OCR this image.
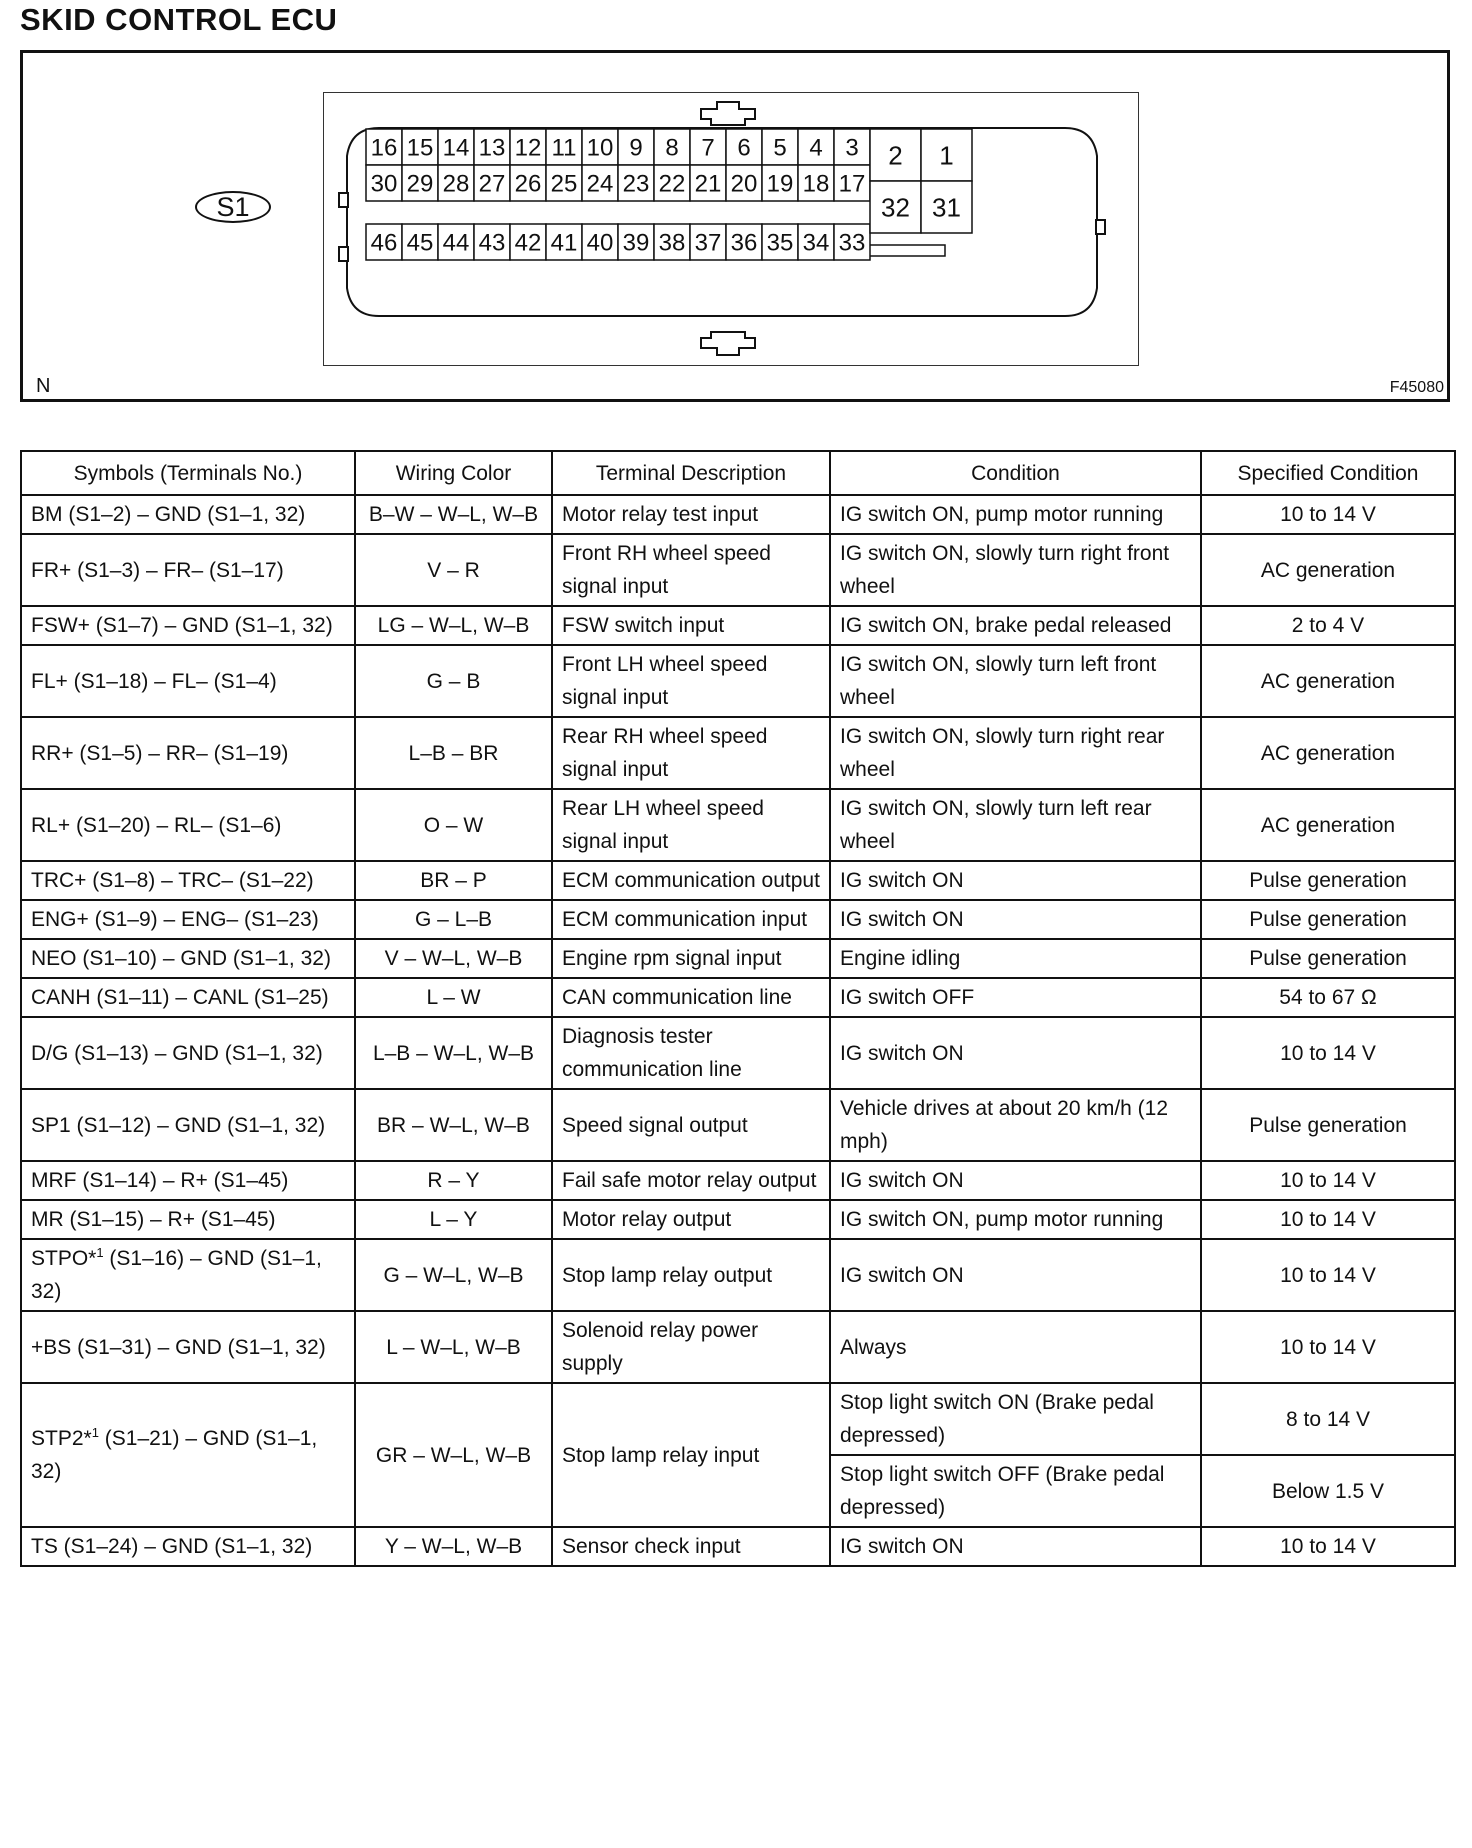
SKID CONTROL ECU
16 15 14 13 12 11 10 9 8 7 6 5 4 3
30 29 28 27 26 25 24 23 22 21 20 19 18 17
46 45 44 43 42 41 40 39 38 37 36 35 34 33
2 1
32 31
S1
N	F45080
Symbols (Terminals No.)	Wiring Color	Terminal Description	Condition	Specified Condition
BM (S1–2) – GND (S1–1, 32)	B–W – W–L, W–B	Motor relay test input	IG switch ON, pump motor running	10 to 14 V
FR+ (S1–3) – FR– (S1–17)	V – R	Front RH wheel speed signal input	IG switch ON, slowly turn right front wheel	AC generation
FSW+ (S1–7) – GND (S1–1, 32)	LG – W–L, W–B	FSW switch input	IG switch ON, brake pedal released	2 to 4 V
FL+ (S1–18) – FL– (S1–4)	G – B	Front LH wheel speed signal input	IG switch ON, slowly turn left front wheel	AC generation
RR+ (S1–5) – RR– (S1–19)	L–B – BR	Rear RH wheel speed signal input	IG switch ON, slowly turn right rear wheel	AC generation
RL+ (S1–20) – RL– (S1–6)	O – W	Rear LH wheel speed signal input	IG switch ON, slowly turn left rear wheel	AC generation
TRC+ (S1–8) – TRC– (S1–22)	BR – P	ECM communication output	IG switch ON	Pulse generation
ENG+ (S1–9) – ENG– (S1–23)	G – L–B	ECM communication input	IG switch ON	Pulse generation
NEO (S1–10) – GND (S1–1, 32)	V – W–L, W–B	Engine rpm signal input	Engine idling	Pulse generation
CANH (S1–11) – CANL (S1–25)	L – W	CAN communication line	IG switch OFF	54 to 67 Ω
D/G (S1–13) – GND (S1–1, 32)	L–B – W–L, W–B	Diagnosis tester communication line	IG switch ON	10 to 14 V
SP1 (S1–12) – GND (S1–1, 32)	BR – W–L, W–B	Speed signal output	Vehicle drives at about 20 km/h (12 mph)	Pulse generation
MRF (S1–14) – R+ (S1–45)	R – Y	Fail safe motor relay output	IG switch ON	10 to 14 V
MR (S1–15) – R+ (S1–45)	L – Y	Motor relay output	IG switch ON, pump motor running	10 to 14 V
STPO*$^1$ (S1–16) – GND (S1–1, 32)	G – W–L, W–B	Stop lamp relay output	IG switch ON	10 to 14 V
+BS (S1–31) – GND (S1–1, 32)	L – W–L, W–B	Solenoid relay power supply	Always	10 to 14 V
STP2*$^1$ (S1–21) – GND (S1–1, 32)	GR – W–L, W–B	Stop lamp relay input	Stop light switch ON (Brake pedal depressed)	8 to 14 V
			Stop light switch OFF (Brake pedal depressed)	Below 1.5 V
TS (S1–24) – GND (S1–1, 32)	Y – W–L, W–B	Sensor check input	IG switch ON	10 to 14 V
